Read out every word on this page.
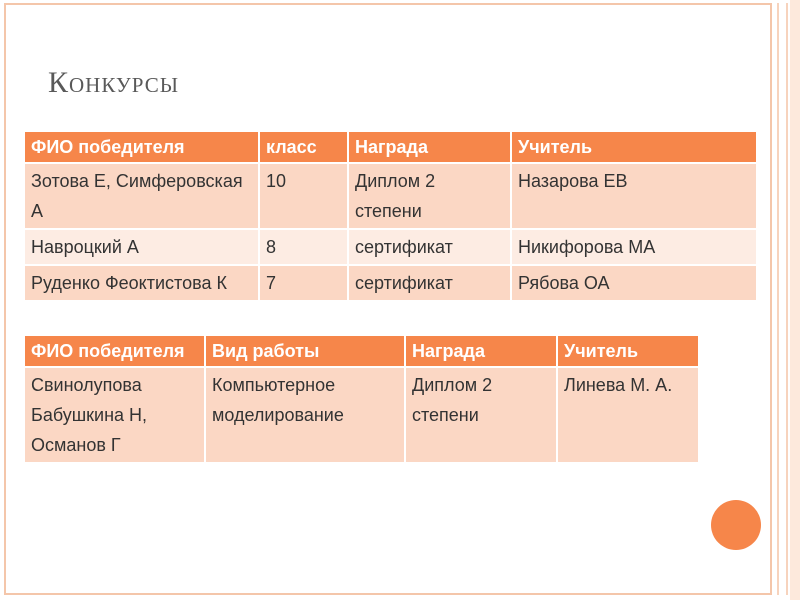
Конкурсы
ФИО победителя	класс	Награда	Учитель
Зотова Е, Симферовская А	10	Диплом 2 степени	Назарова ЕВ
Навроцкий А	8	сертификат	Никифорова МА
Руденко Феоктистова К	7	сертификат	Рябова ОА
ФИО победителя	Вид работы	Награда	Учитель
Свинолупова Бабушкина Н, Османов Г	Компьютерное моделирование	Диплом 2 степени	Линева М. А.
